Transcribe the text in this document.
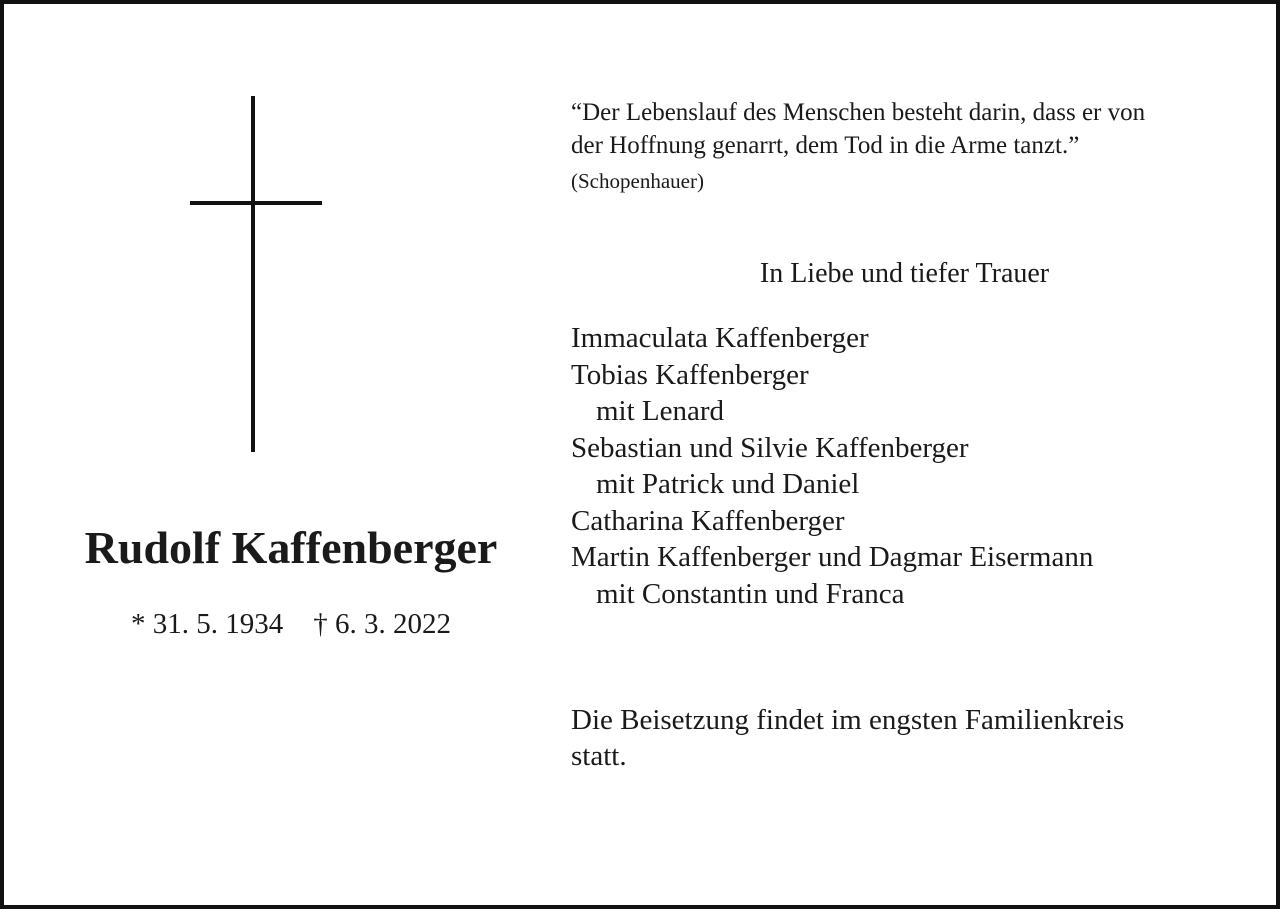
Rudolf Kaffenberger
* 31. 5. 1934 † 6. 3. 2022

“Der Lebenslauf des Menschen besteht darin, dass er von
der Hoffnung genarrt, dem Tod in die Arme tanzt.”

(Schopenhauer)
In Liebe und tiefer Trauer
Immaculata Kaffenberger
Tobias Kaffenberger
mit Lenard
Sebastian und Silvie Kaffenberger
mit Patrick und Daniel
Catharina Kaffenberger
Martin Kaffenberger und Dagmar Eisermann
mit Constantin und Franca

Die Beisetzung findet im engsten Familienkreis
statt.
